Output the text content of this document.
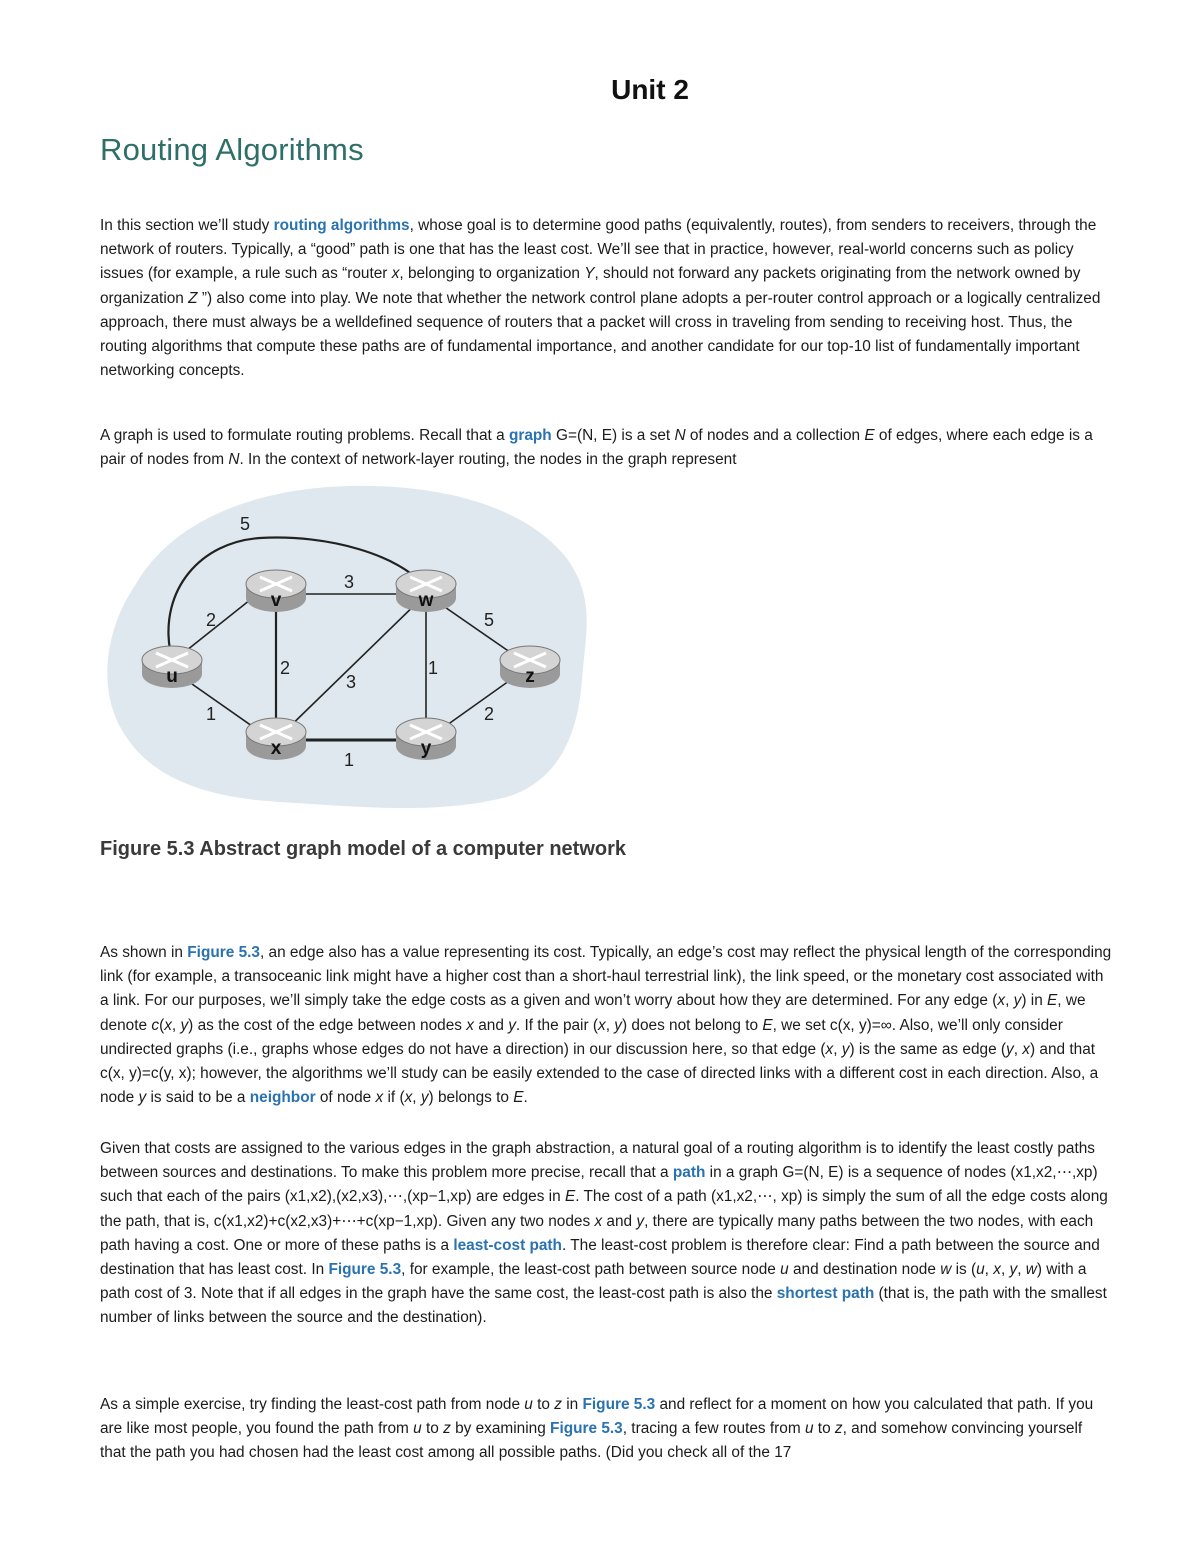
Unit 2
Routing Algorithms
In this section we’ll study routing algorithms, whose goal is to determine good paths (equivalently, routes), from senders to receivers, through the network of routers. Typically, a “good” path is one that has the least cost. We’ll see that in practice, however, real-world concerns such as policy issues (for example, a rule such as “router x, belonging to organization Y, should not forward any packets originating from the network owned by organization Z ”) also come into play. We note that whether the network control plane adopts a per-router control approach or a logically centralized approach, there must always be a welldefined sequence of routers that a packet will cross in traveling from sending to receiving host. Thus, the routing algorithms that compute these paths are of fundamental importance, and another candidate for our top-10 list of fundamentally important networking concepts.
A graph is used to formulate routing problems. Recall that a graph G=(N, E) is a set N of nodes and a collection E of edges, where each edge is a pair of nodes from N. In the context of network-layer routing, the nodes in the graph represent
5
2
1
3
2
3
1
1
5
2
v	w
u	z
x	y
Figure 5.3 Abstract graph model of a computer network
As shown in Figure 5.3, an edge also has a value representing its cost. Typically, an edge’s cost may reflect the physical length of the corresponding link (for example, a transoceanic link might have a higher cost than a short-haul terrestrial link), the link speed, or the monetary cost associated with a link. For our purposes, we’ll simply take the edge costs as a given and won’t worry about how they are determined. For any edge (x, y) in E, we denote c(x, y) as the cost of the edge between nodes x and y. If the pair (x, y) does not belong to E, we set c(x, y)=∞. Also, we’ll only consider undirected graphs (i.e., graphs whose edges do not have a direction) in our discussion here, so that edge (x, y) is the same as edge (y, x) and that c(x, y)=c(y, x); however, the algorithms we’ll study can be easily extended to the case of directed links with a different cost in each direction. Also, a node y is said to be a neighbor of node x if (x, y) belongs to E.
Given that costs are assigned to the various edges in the graph abstraction, a natural goal of a routing algorithm is to identify the least costly paths between sources and destinations. To make this problem more precise, recall that a path in a graph G=(N, E) is a sequence of nodes (x1,x2,⋯,xp) such that each of the pairs (x1,x2),(x2,x3),⋯,(xp−1,xp) are edges in E. The cost of a path (x1,x2,⋯, xp) is simply the sum of all the edge costs along the path, that is, c(x1,x2)+c(x2,x3)+⋯+c(xp−1,xp). Given any two nodes x and y, there are typically many paths between the two nodes, with each path having a cost. One or more of these paths is a least-cost path. The least-cost problem is therefore clear: Find a path between the source and destination that has least cost. In Figure 5.3, for example, the least-cost path between source node u and destination node w is (u, x, y, w) with a path cost of 3. Note that if all edges in the graph have the same cost, the least-cost path is also the shortest path (that is, the path with the smallest number of links between the source and the destination).
As a simple exercise, try finding the least-cost path from node u to z in Figure 5.3 and reflect for a moment on how you calculated that path. If you are like most people, you found the path from u to z by examining Figure 5.3, tracing a few routes from u to z, and somehow convincing yourself that the path you had chosen had the least cost among all possible paths. (Did you check all of the 17
